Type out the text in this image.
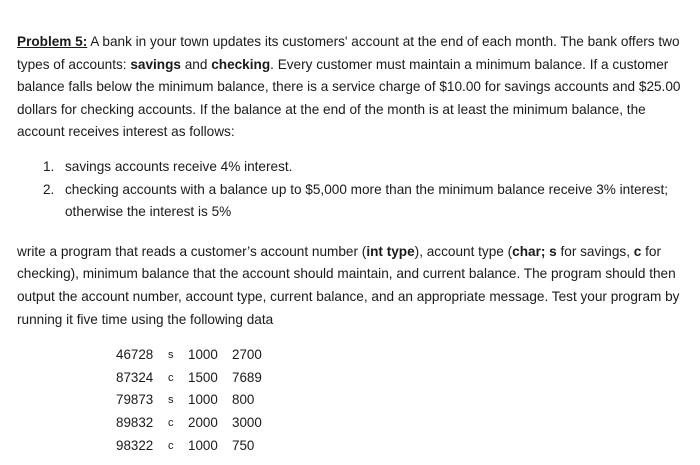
Problem 5: A bank in your town updates its customers' account at the end of each month. The bank offers two types of accounts: savings and checking. Every customer must maintain a minimum balance. If a customer balance falls below the minimum balance, there is a service charge of $10.00 for savings accounts and $25.00 dollars for checking accounts. If the balance at the end of the month is at least the minimum balance, the account receives interest as follows:

1. savings accounts receive 4% interest.
2. checking accounts with a balance up to $5,000 more than the minimum balance receive 3% interest; otherwise the interest is 5%

write a program that reads a customer’s account number (int type), account type (char; s for savings, c for checking), minimum balance that the account should maintain, and current balance. The program should then output the account number, account type, current balance, and an appropriate message. Test your program by running it five time using the following data

46728	s	1000	2700
87324	c	1500	7689
79873	s	1000	800
89832	c	2000	3000
98322	c	1000	750
